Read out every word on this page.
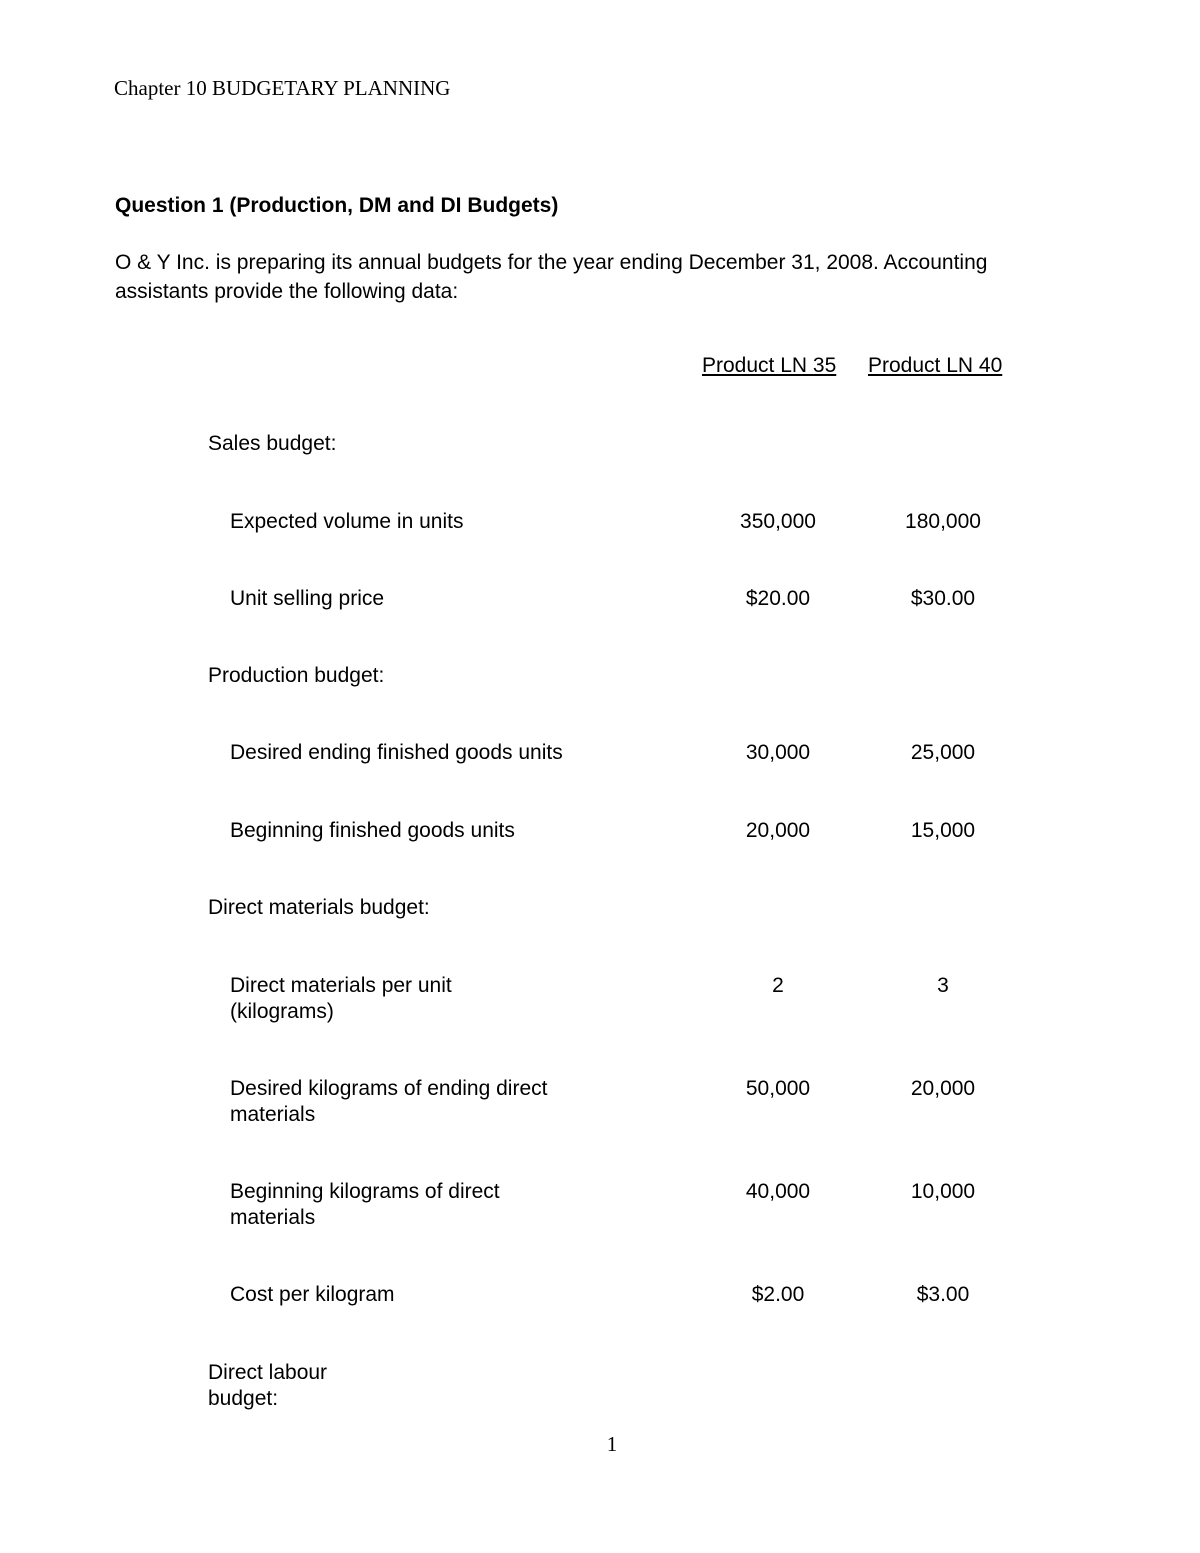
Chapter 10 BUDGETARY PLANNING
Question 1 (Production, DM and DI Budgets)
O & Y Inc. is preparing its annual budgets for the year ending December 31, 2008. Accounting
assistants provide the following data:
Product LN 35 Product LN 40
Sales budget:
Expected volume in units	350,000	180,000
Unit selling price	$20.00	$30.00
Production budget:
Desired ending finished goods units	30,000	25,000
Beginning finished goods units	20,000	15,000
Direct materials budget:
Direct materials per unit
(kilograms)
2	3
Desired kilograms of ending direct
materials
50,000	20,000
Beginning kilograms of direct
materials
40,000	10,000
Cost per kilogram	$2.00	$3.00
Direct labour
budget:
1
